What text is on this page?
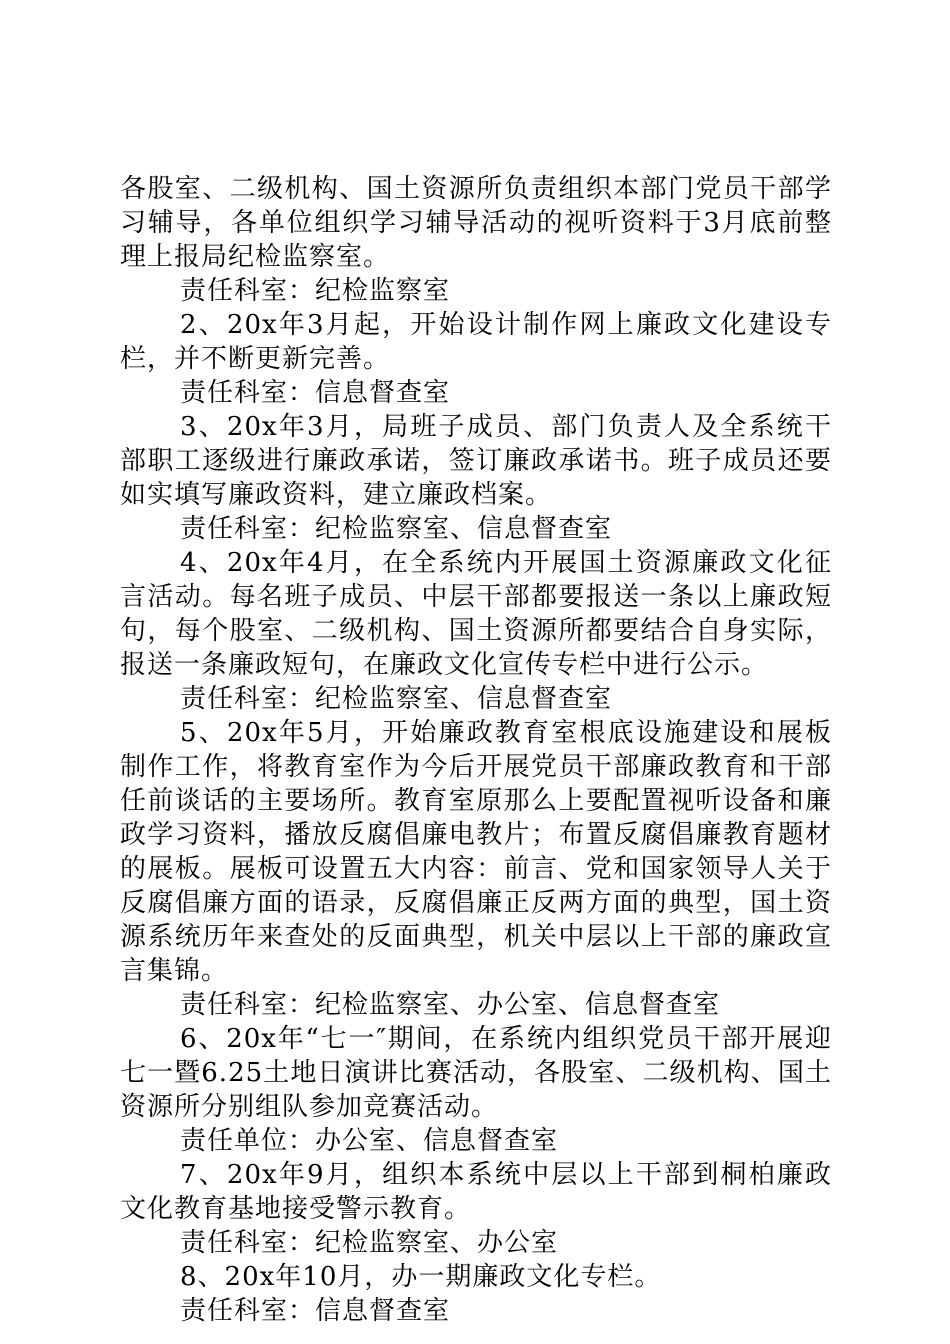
各股室、二级机构、国土资源所负责组织本部门党员干部学习辅导，各单位组织学习辅导活动的视听资料于3月底前整理上报局纪检监察室。

责任科室：纪检监察室

2、20x年3月起，开始设计制作网上廉政文化建设专栏，并不断更新完善。

责任科室：信息督查室

3、20x年3月，局班子成员、部门负责人及全系统干部职工逐级进行廉政承诺，签订廉政承诺书。班子成员还要如实填写廉政资料，建立廉政档案。

责任科室：纪检监察室、信息督查室

4、20x年4月，在全系统内开展国土资源廉政文化征言活动。每名班子成员、中层干部都要报送一条以上廉政短句，每个股室、二级机构、国土资源所都要结合自身实际，报送一条廉政短句，在廉政文化宣传专栏中进行公示。

责任科室：纪检监察室、信息督查室

5、20x年5月，开始廉政教育室根底设施建设和展板制作工作，将教育室作为今后开展党员干部廉政教育和干部任前谈话的主要场所。教育室原那么上要配置视听设备和廉政学习资料，播放反腐倡廉电教片；布置反腐倡廉教育题材的展板。展板可设置五大内容：前言、党和国家领导人关于反腐倡廉方面的语录，反腐倡廉正反两方面的典型，国土资源系统历年来查处的反面典型，机关中层以上干部的廉政宣言集锦。

责任科室：纪检监察室、办公室、信息督查室

6、20x年“七一″期间，在系统内组织党员干部开展迎七一暨6.25土地日演讲比赛活动，各股室、二级机构、国土资源所分别组队参加竞赛活动。

责任单位：办公室、信息督查室

7、20x年9月，组织本系统中层以上干部到桐柏廉政文化教育基地接受警示教育。

责任科室：纪检监察室、办公室

8、20x年10月，办一期廉政文化专栏。

责任科室：信息督查室
